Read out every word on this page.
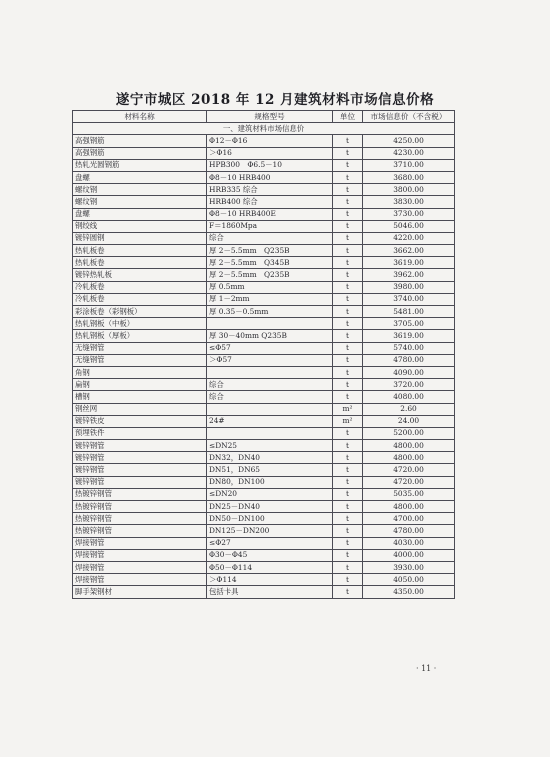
遂宁市城区 2018 年 12 月建筑材料市场信息价格
材料名称	规格型号	单位	市场信息价（不含税）
一、建筑材料市场信息价			
高强钢筋	Φ12－Φ16	t	4250.00
高强钢筋	＞Φ16	t	4230.00
热轧光圆钢筋	HPB300　Φ6.5－10	t	3710.00
盘螺	Φ8－10 HRB400	t	3680.00
螺纹钢	HRB335 综合	t	3800.00
螺纹钢	HRB400 综合	t	3830.00
盘螺	Φ8－10 HRB400E	t	3730.00
钢绞线	F＝1860Mpa	t	5046.00
镀锌圆钢	综合	t	4220.00
热轧板卷	厚 2－5.5mm　Q235B	t	3662.00
热轧板卷	厚 2－5.5mm　Q345B	t	3619.00
镀锌热轧板	厚 2－5.5mm　Q235B	t	3962.00
冷轧板卷	厚 0.5mm	t	3980.00
冷轧板卷	厚 1－2mm	t	3740.00
彩涂板卷（彩钢板）	厚 0.35－0.5mm	t	5481.00
热轧钢板（中板）		t	3705.00
热轧钢板（厚板）	厚 30－40mm Q235B	t	3619.00
无缝钢管	≤Φ57	t	5740.00
无缝钢管	＞Φ57	t	4780.00
角钢		t	4090.00
扁钢	综合	t	3720.00
槽钢	综合	t	4080.00
钢丝网		m²	2.60
镀锌铁皮	24#	m²	24.00
预埋铁件		t	5200.00
镀锌钢管	≤DN25	t	4800.00
镀锌钢管	DN32，DN40	t	4800.00
镀锌钢管	DN51，DN65	t	4720.00
镀锌钢管	DN80，DN100	t	4720.00
热镀锌钢管	≤DN20	t	5035.00
热镀锌钢管	DN25－DN40	t	4800.00
热镀锌钢管	DN50－DN100	t	4700.00
热镀锌钢管	DN125－DN200	t	4780.00
焊接钢管	≤Φ27	t	4030.00
焊接钢管	Φ30－Φ45	t	4000.00
焊接钢管	Φ50－Φ114	t	3930.00
焊接钢管	＞Φ114	t	4050.00
脚手架钢材	包括卡具	t	4350.00
· 11 ·
